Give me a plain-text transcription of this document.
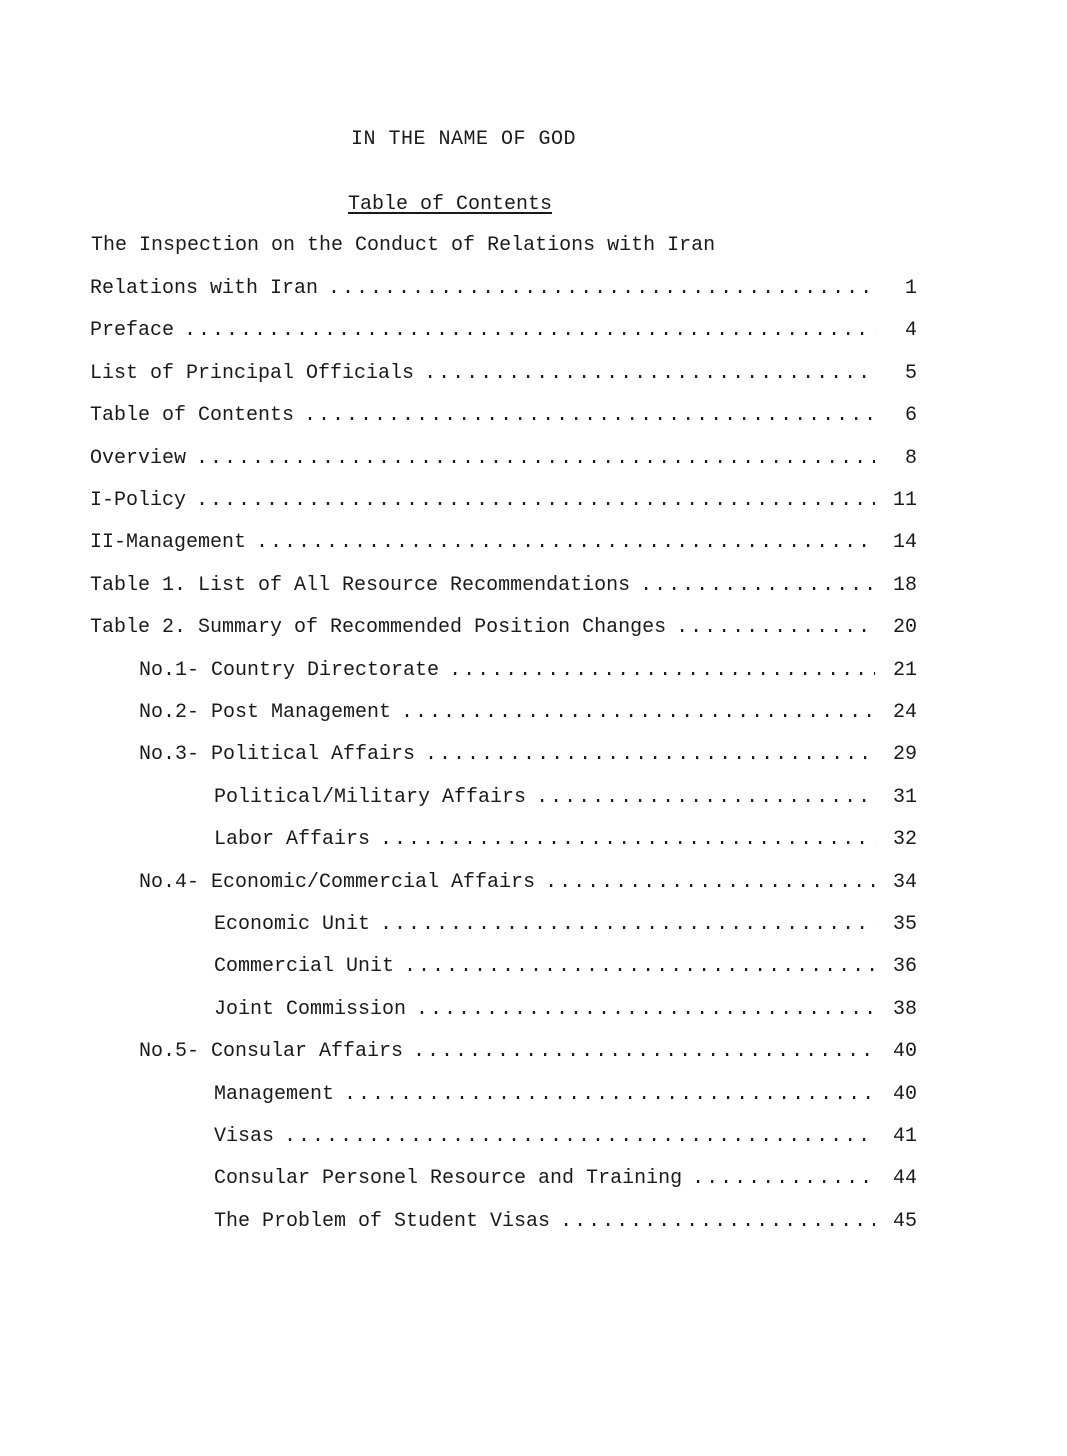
IN THE NAME OF GOD
Table of Contents
The Inspection on the Conduct of Relations with Iran
Relations with Iran .....	1
Preface .....	4
List of Principal Officials .....	5
Table of Contents .....	6
Overview .....	8
I-Policy .....	11
II-Management .....	14
Table 1. List of All Resource Recommendations .....	18
Table 2. Summary of Recommended Position Changes .....	20
No.1- Country Directorate .....	21
No.2- Post Management .....	24
No.3- Political Affairs .....	29
Political/Military Affairs .....	31
Labor Affairs .....	32
No.4- Economic/Commercial Affairs .....	34
Economic Unit .....	35
Commercial Unit .....	36
Joint Commission .....	38
No.5- Consular Affairs .....	40
Management .....	40
Visas .....	41
Consular Personel Resource and Training .....	44
The Problem of Student Visas .....	45
